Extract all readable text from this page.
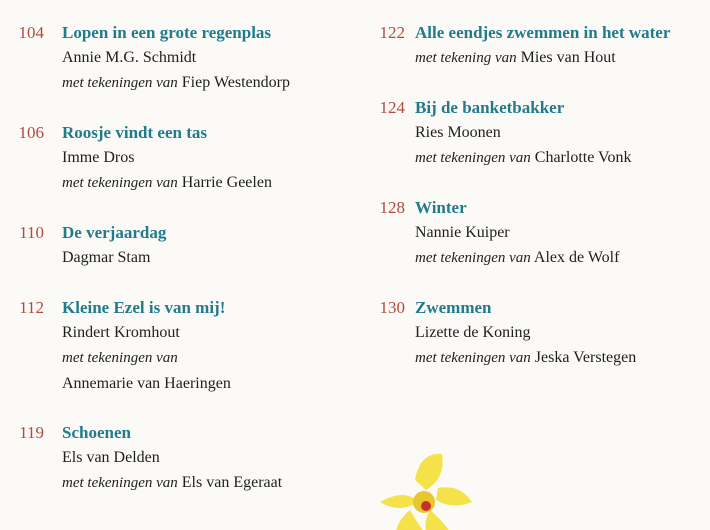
104 Lopen in een grote regenplas
Annie M.G. Schmidt
met tekeningen van Fiep Westendorp
106 Roosje vindt een tas
Imme Dros
met tekeningen van Harrie Geelen
110 De verjaardag
Dagmar Stam
112 Kleine Ezel is van mij!
Rindert Kromhout
met tekeningen van
Annemarie van Haeringen
119 Schoenen
Els van Delden
met tekeningen van Els van Egeraat
122 Alle eendjes zwemmen in het water
met tekening van Mies van Hout
124 Bij de banketbakker
Ries Moonen
met tekeningen van Charlotte Vonk
128 Winter
Nannie Kuiper
met tekeningen van Alex de Wolf
130 Zwemmen
Lizette de Koning
met tekeningen van Jeska Verstegen
